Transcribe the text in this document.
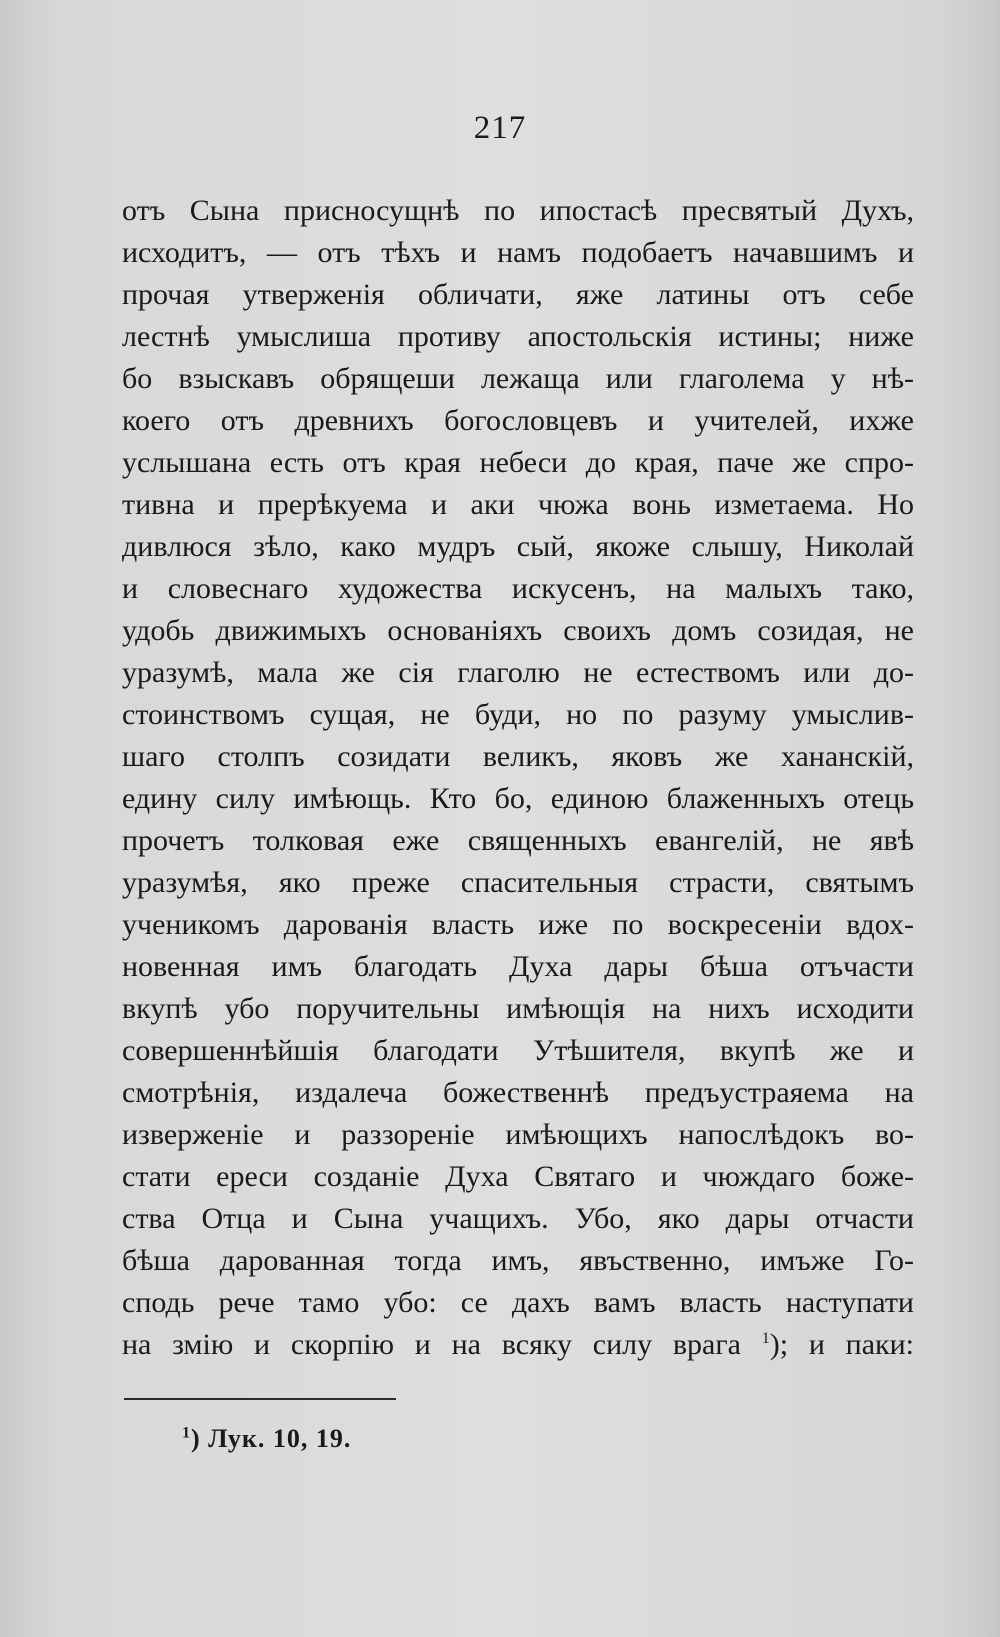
217
отъ Сына присносущнѣ по ипостасѣ пресвятый Духъ,
исходитъ, — отъ тѣхъ и намъ подобаетъ начавшимъ и
прочая утверженія обличати, яже латины отъ себе
лестнѣ умыслиша противу апостольскія истины; ниже
бо взыскавъ обрящеши лежаща или глаголема у нѣ-
коего отъ древнихъ богословцевъ и учителей, ихже
услышана есть отъ края небеси до края, паче же спро-
тивна и прерѣкуема и аки чюжа вонь изметаема. Но
дивлюся зѣло, како мудръ сый, якоже слышу, Николай
и словеснаго художества искусенъ, на малыхъ тако,
удобь движимыхъ основаніяхъ своихъ домъ созидая, не
уразумѣ, мала же сія глаголю не естествомъ или до-
стоинствомъ сущая, не буди, но по разуму умыслив-
шаго столпъ созидати великъ, яковъ же хананскій,
едину силу имѣющь. Кто бо, единою блаженныхъ отець
прочетъ толковая еже священныхъ евангелій, не явѣ
уразумѣя, яко преже спасительныя страсти, святымъ
ученикомъ дарованія власть иже по воскресеніи вдох-
новенная имъ благодать Духа дары бѣша отъчасти
вкупѣ убо поручительны имѣющія на нихъ исходити
совершеннѣйшія благодати Утѣшителя, вкупѣ же и
смотрѣнія, издалеча божественнѣ предъустраяема на
изверженіе и раззореніе имѣющихъ напослѣдокъ во-
стати ереси созданіе Духа Святаго и чюждаго боже-
ства Отца и Сына учащихъ. Убо, яко дары отчасти
бѣша дарованная тогда имъ, явъственно, имъже Го-
сподь рече тамо убо: се дахъ вамъ власть наступати
на змію и скорпію и на всяку силу врага $^1$); и паки:
$^1$) Лук. 10, 19.
